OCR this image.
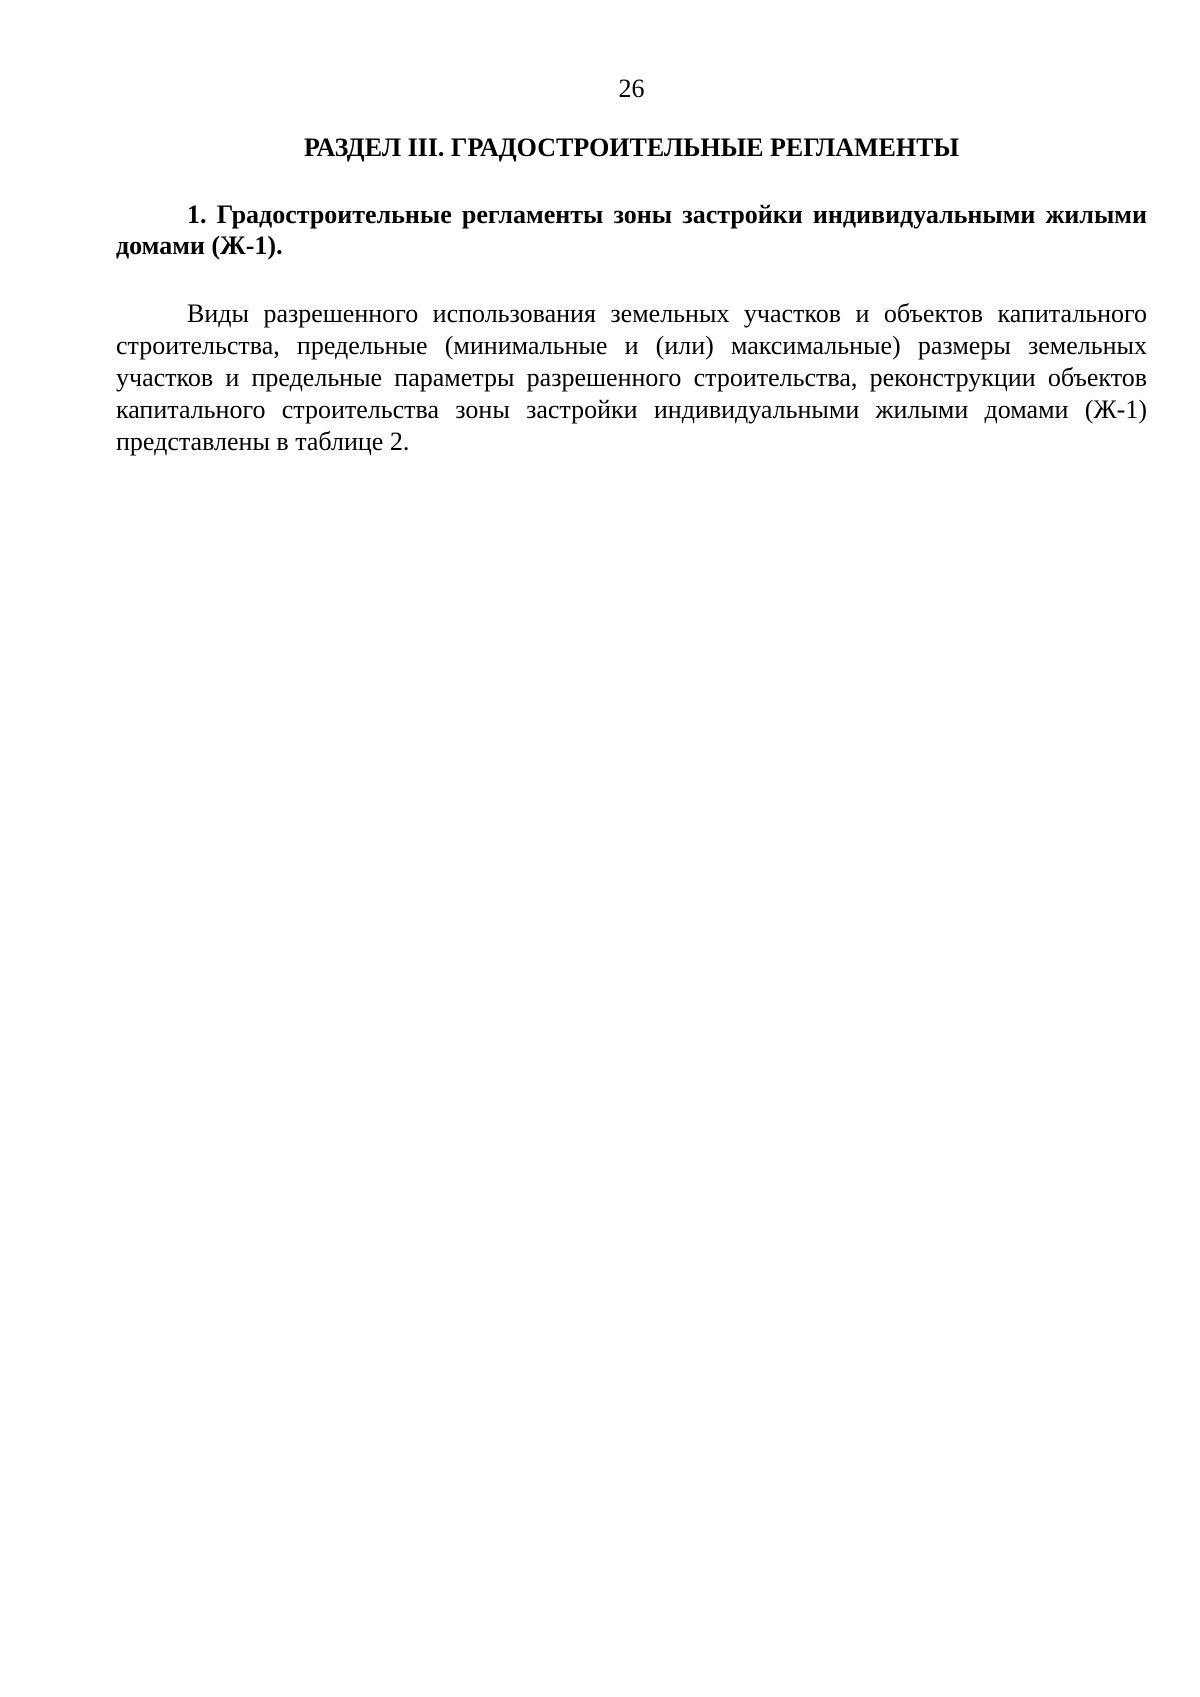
26
РАЗДЕЛ III. ГРАДОСТРОИТЕЛЬНЫЕ РЕГЛАМЕНТЫ

1. Градостроительные регламенты зоны застройки индивидуальными жилыми домами (Ж-1).

Виды разрешенного использования земельных участков и объектов капитального строительства, предельные (минимальные и (или) максимальные) размеры земельных участков и предельные параметры разрешенного строительства, реконструкции объектов капитального строительства зоны застройки индивидуальными жилыми домами (Ж-1) представлены в таблице 2.
